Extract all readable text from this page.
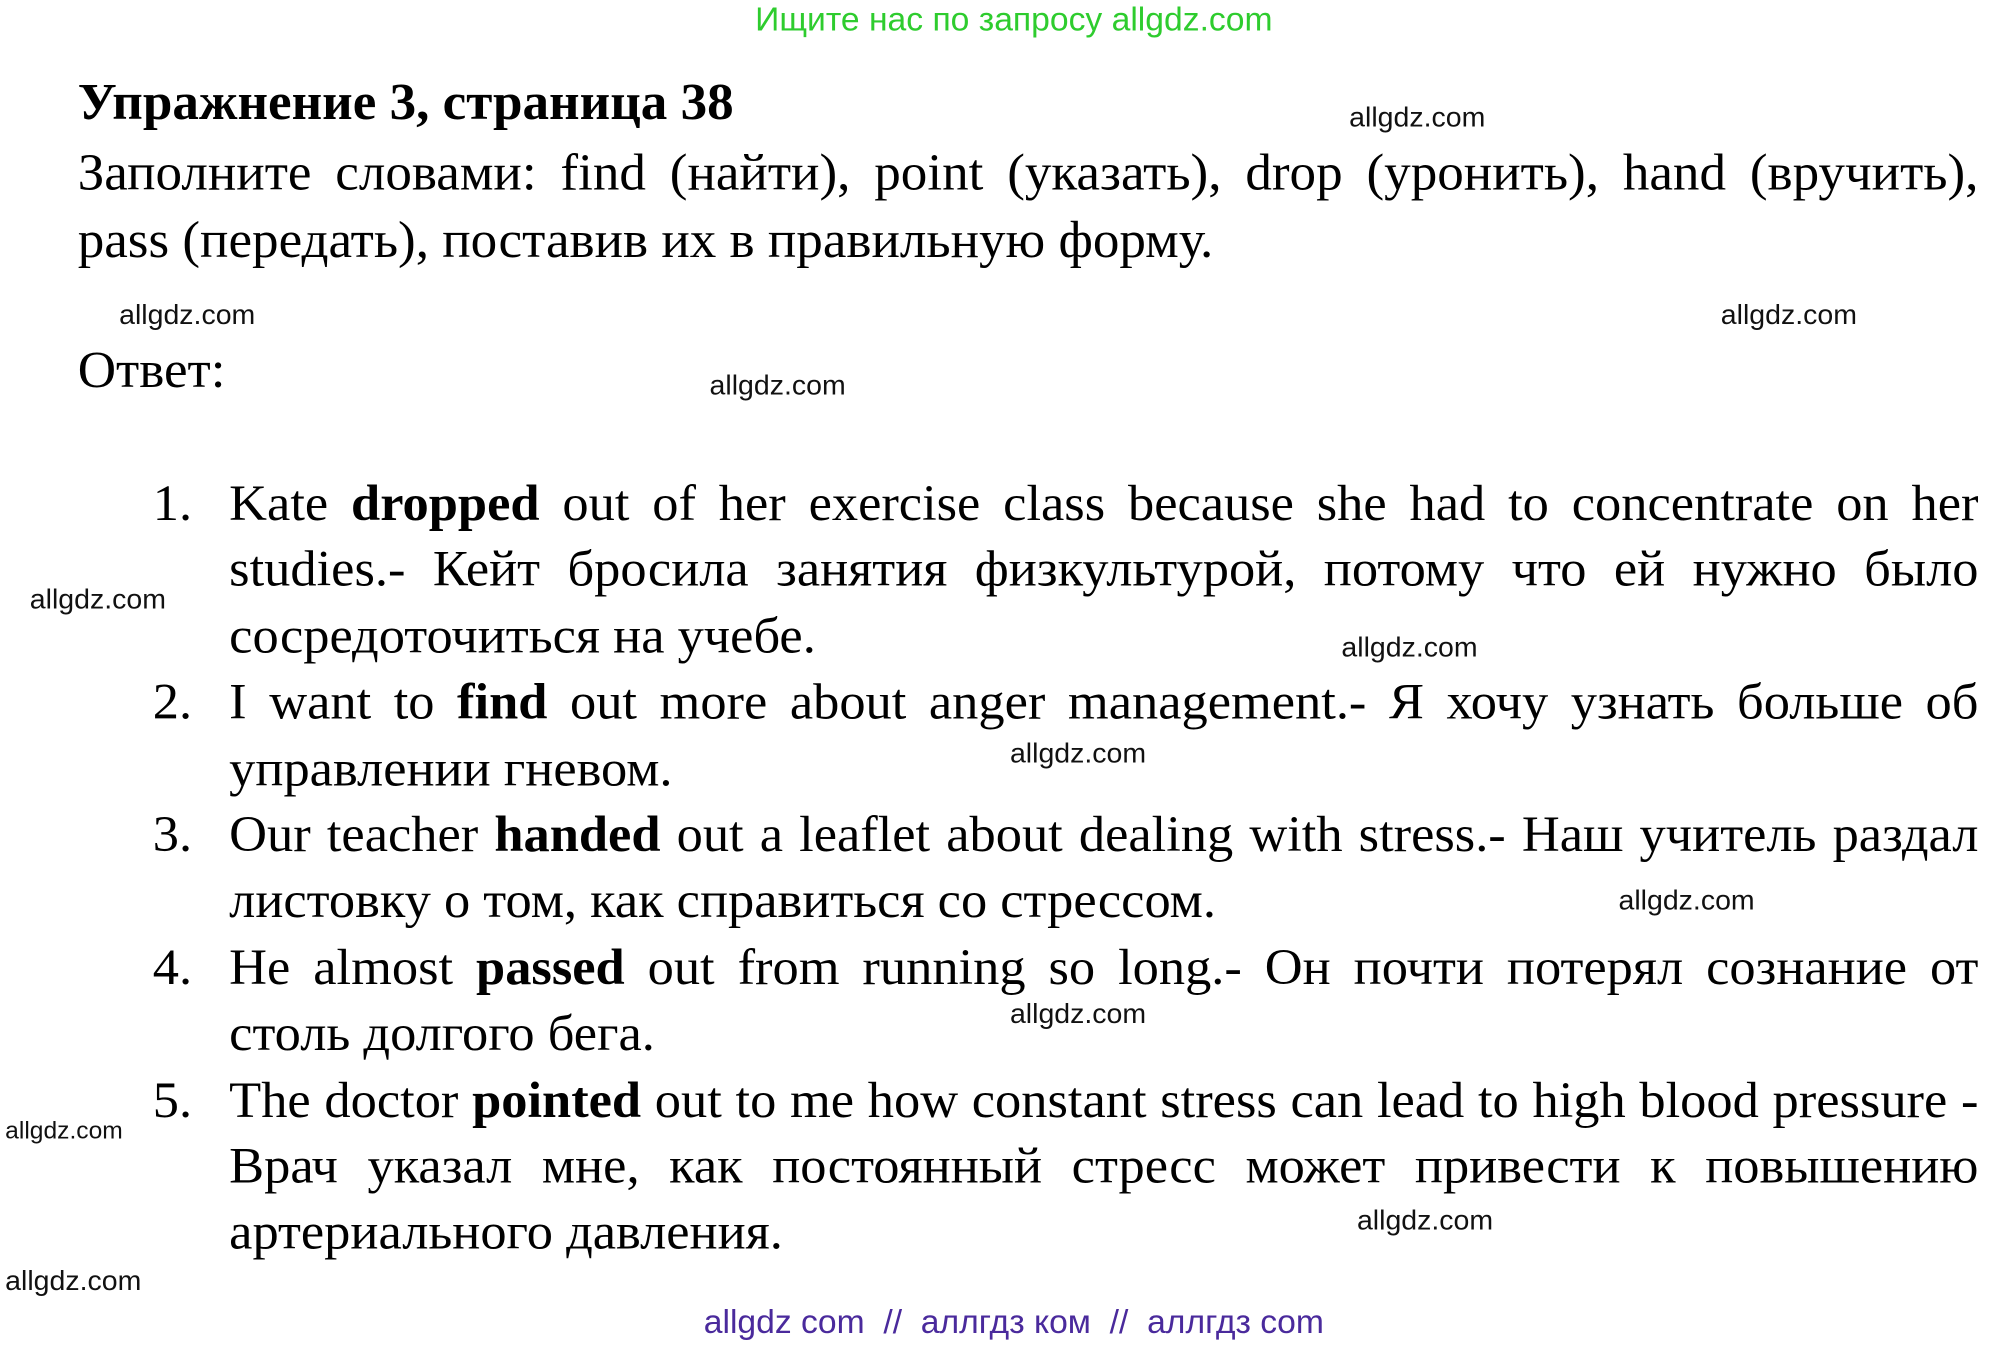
Ищите нас по запросу allgdz.com
Упражнение 3, страница 38
Заполните словами: find (найти), point (указать), drop (уронить), hand (вручить), pass (передать), поставив их в правильную форму.
Ответ:
1. Kate dropped out of her exercise class because she had to concentrate on her studies.- Кейт бросила занятия физкультурой, потому что ей нужно было сосредоточиться на учебе.
2. I want to find out more about anger management.- Я хочу узнать больше об управлении гневом.
3. Our teacher handed out a leaflet about dealing with stress.- Наш учитель раздал листовку о том, как справиться со стрессом.
4. He almost passed out from running so long.- Он почти потерял сознание от столь долгого бега.
5. The doctor pointed out to me how constant stress can lead to high blood pressure - Врач указал мне, как постоянный стресс может привести к повышению артериального давления.
allgdz.com
allgdz.com
allgdz.com
allgdz.com
allgdz.com
allgdz.com
allgdz.com
allgdz.com
allgdz.com
allgdz.com
allgdz.com
allgdz.com
allgdz com  //  аллгдз ком  //  аллгдз com
